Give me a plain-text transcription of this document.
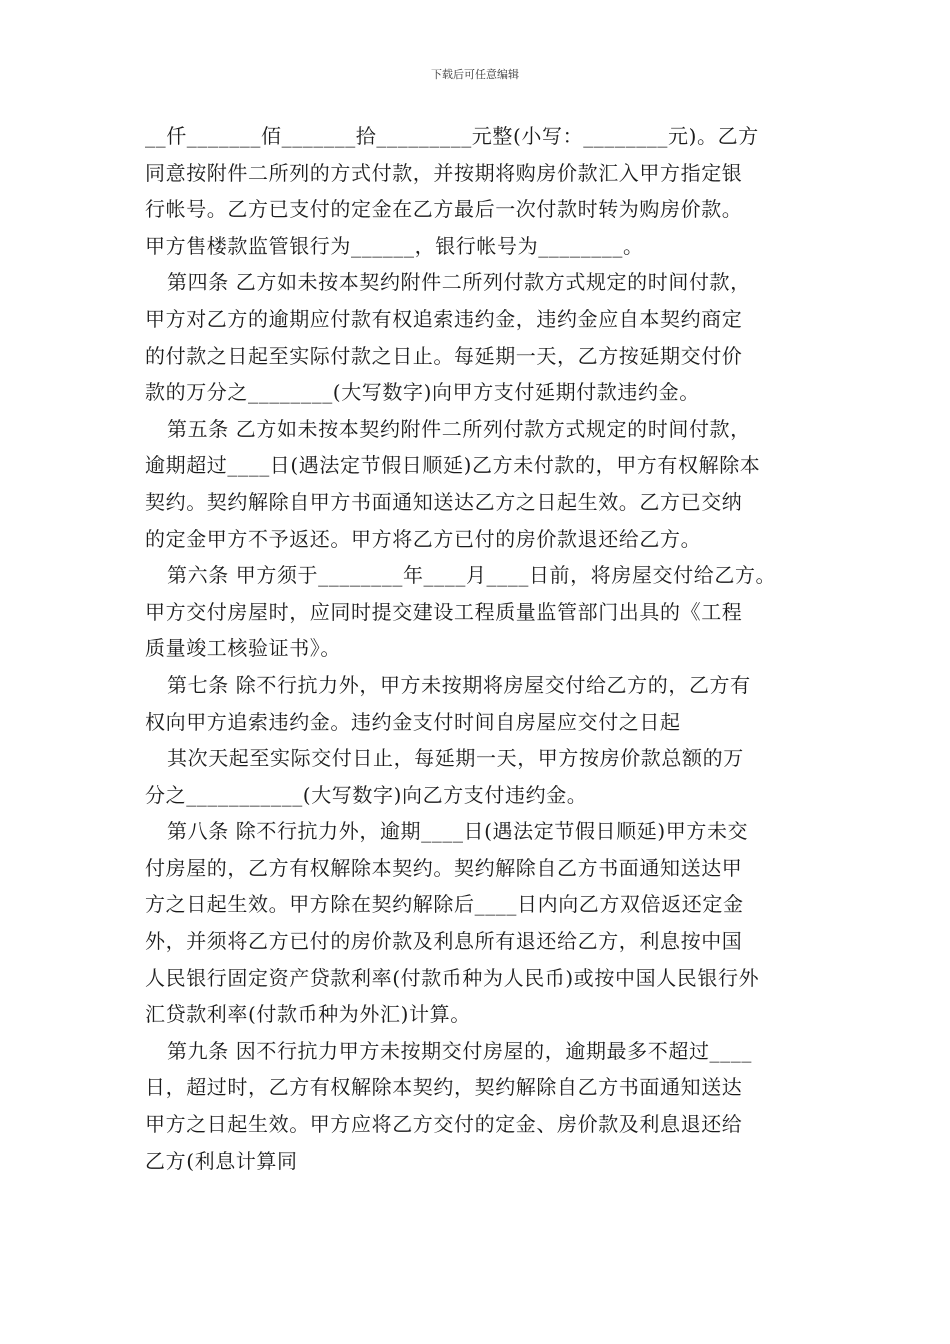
下载后可任意编辑
__仟_______佰_______拾_________元整(小写：________元)。乙方
同意按附件二所列的方式付款，并按期将购房价款汇入甲方指定银
行帐号。乙方已支付的定金在乙方最后一次付款时转为购房价款。
甲方售楼款监管银行为______，银行帐号为________。
第四条 乙方如未按本契约附件二所列付款方式规定的时间付款，
甲方对乙方的逾期应付款有权追索违约金，违约金应自本契约商定
的付款之日起至实际付款之日止。每延期一天，乙方按延期交付价
款的万分之________(大写数字)向甲方支付延期付款违约金。
第五条 乙方如未按本契约附件二所列付款方式规定的时间付款，
逾期超过____日(遇法定节假日顺延)乙方未付款的，甲方有权解除本
契约。契约解除自甲方书面通知送达乙方之日起生效。乙方已交纳
的定金甲方不予返还。甲方将乙方已付的房价款退还给乙方。
第六条 甲方须于________年____月____日前，将房屋交付给乙方。
甲方交付房屋时，应同时提交建设工程质量监管部门出具的《工程
质量竣工核验证书》。
第七条 除不行抗力外，甲方未按期将房屋交付给乙方的，乙方有
权向甲方追索违约金。违约金支付时间自房屋应交付之日起
其次天起至实际交付日止，每延期一天，甲方按房价款总额的万
分之___________(大写数字)向乙方支付违约金。
第八条 除不行抗力外，逾期____日(遇法定节假日顺延)甲方未交
付房屋的，乙方有权解除本契约。契约解除自乙方书面通知送达甲
方之日起生效。甲方除在契约解除后____日内向乙方双倍返还定金
外，并须将乙方已付的房价款及利息所有退还给乙方，利息按中国
人民银行固定资产贷款利率(付款币种为人民币)或按中国人民银行外
汇贷款利率(付款币种为外汇)计算。
第九条 因不行抗力甲方未按期交付房屋的，逾期最多不超过____
日，超过时，乙方有权解除本契约，契约解除自乙方书面通知送达
甲方之日起生效。甲方应将乙方交付的定金、房价款及利息退还给
乙方(利息计算同
